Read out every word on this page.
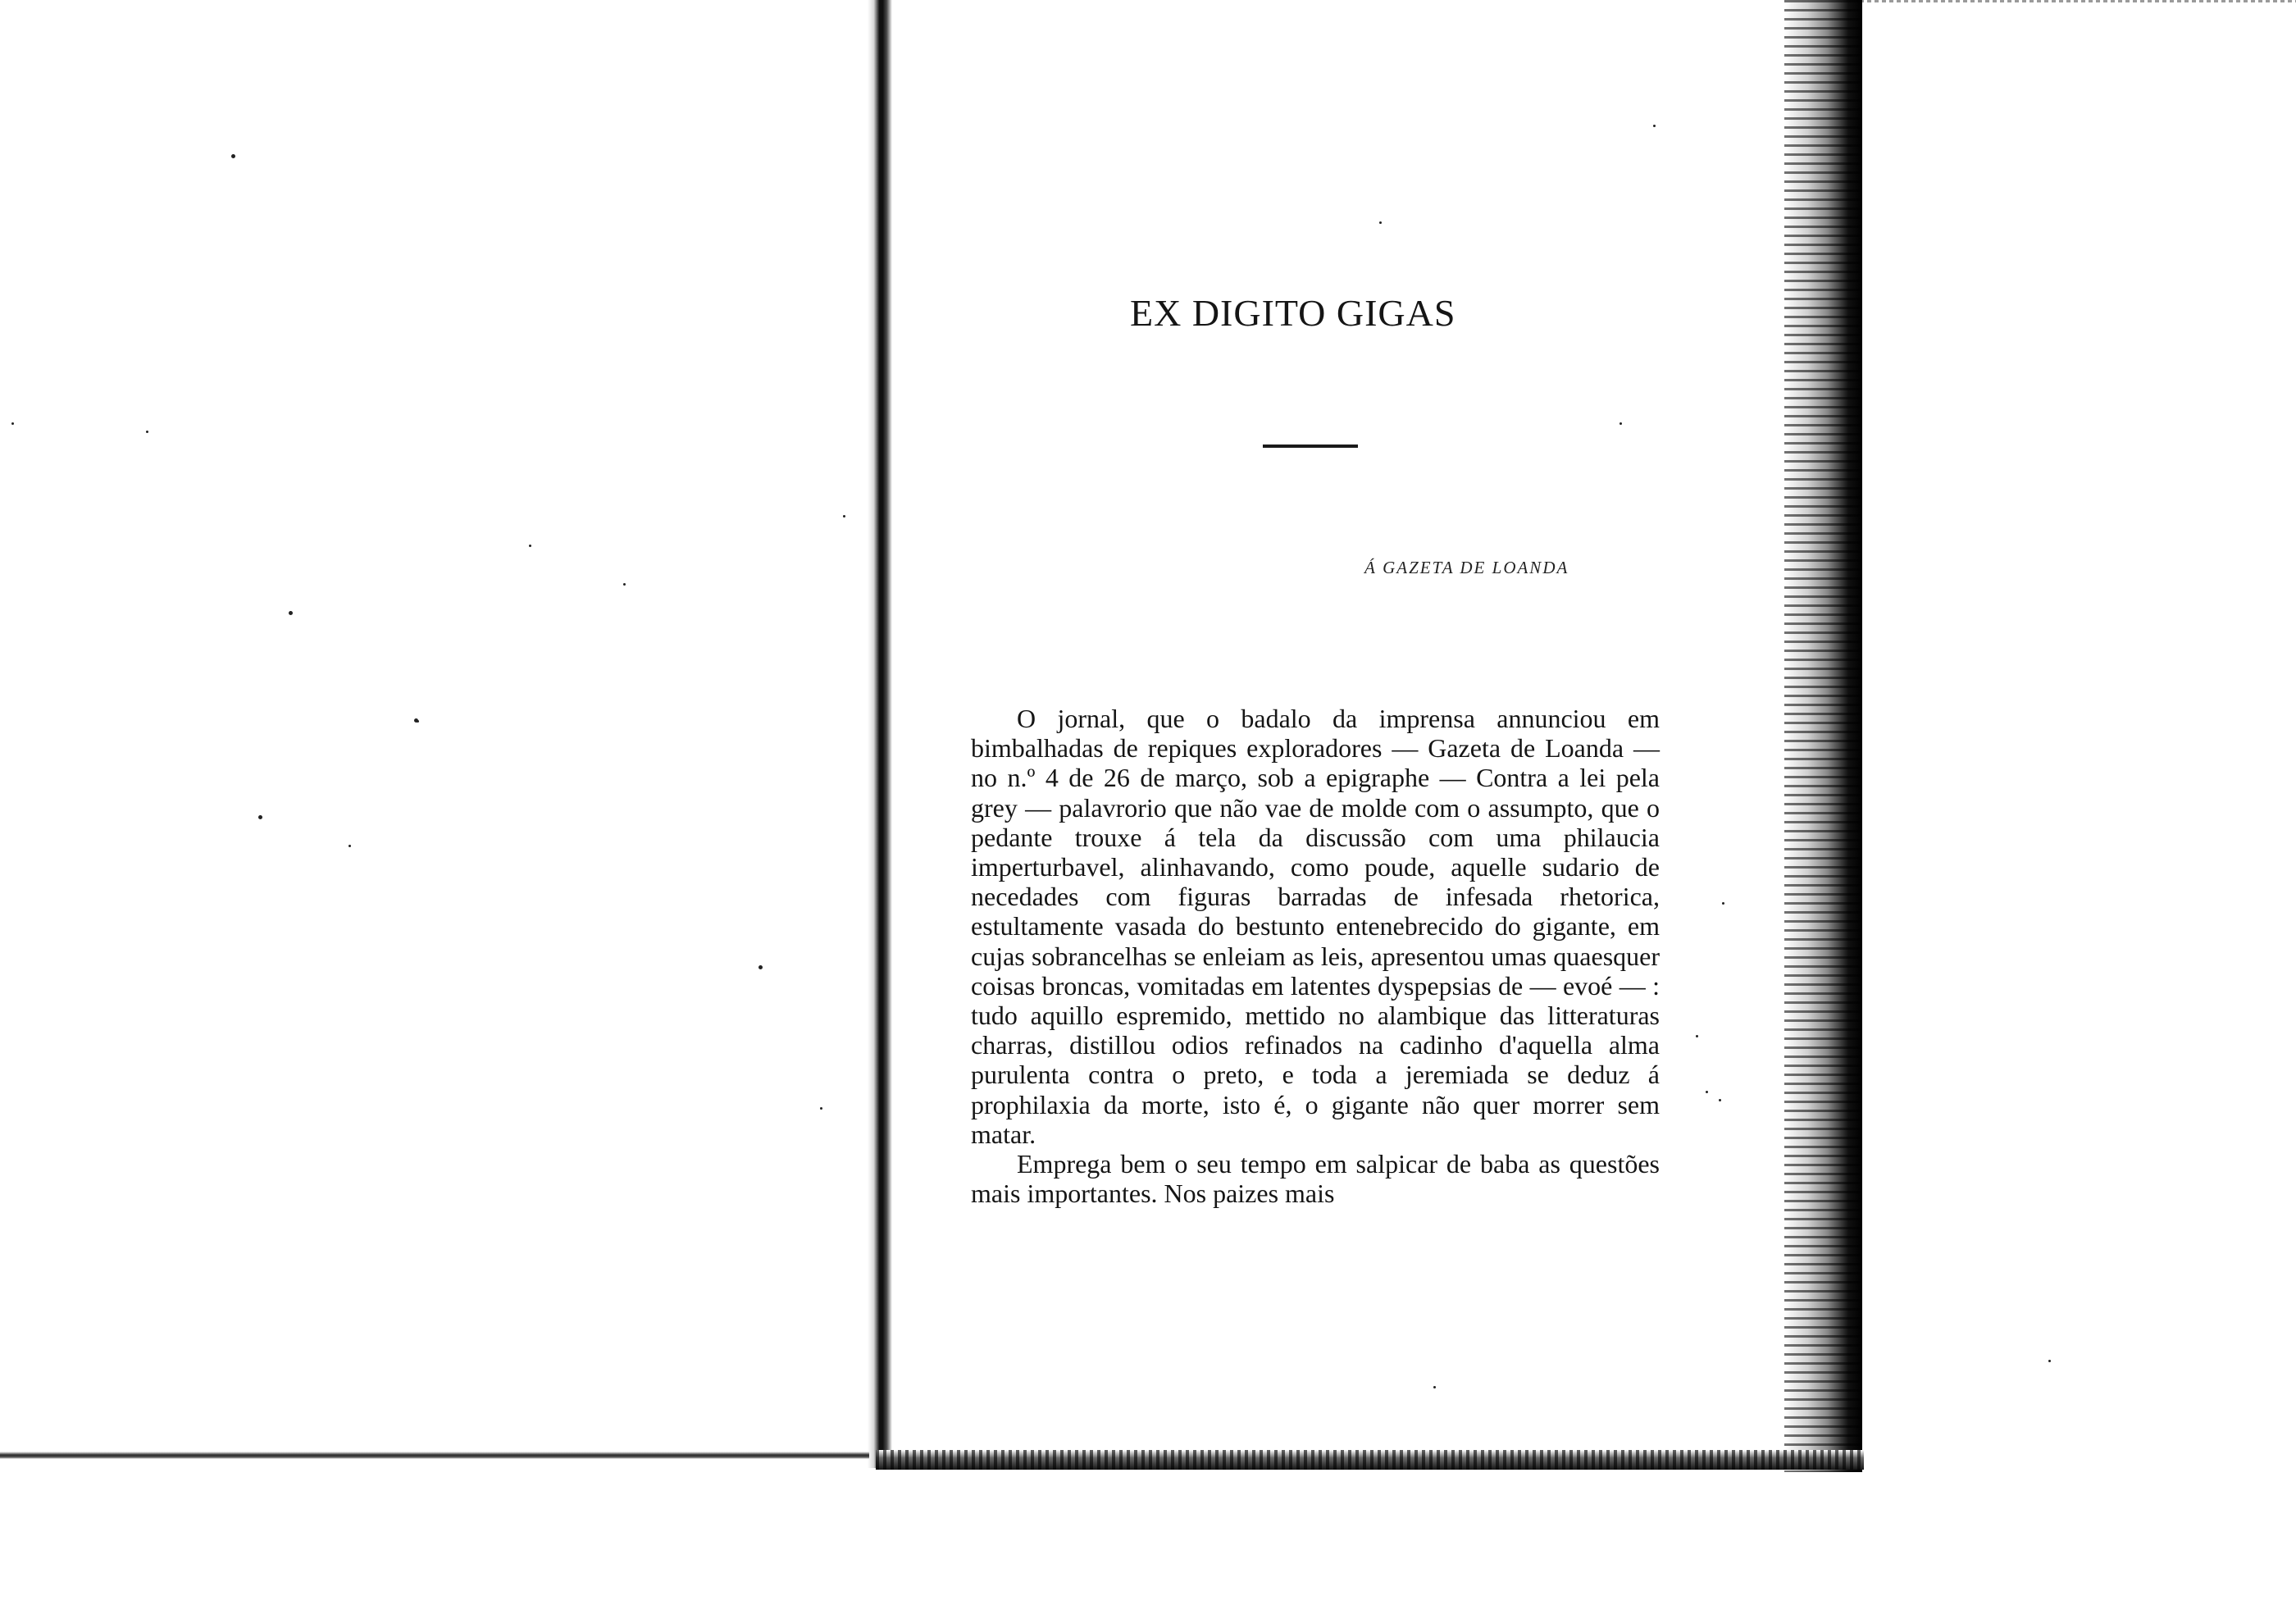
EX DIGITO GIGAS

Á GAZETA DE LOANDA

O jornal, que o badalo da imprensa annunciou em bimbalhadas de repiques exploradores — Gazeta de Loanda — no n.º 4 de 26 de março, sob a epigraphe — Contra a lei pela grey — palavrorio que não vae de molde com o assumpto, que o pedante trouxe á tela da discussão com uma philaucia imperturbavel, alinhavando, como poude, aquelle sudario de necedades com figuras barradas de infesada rhetorica, estultamente vasada do bestunto entenebrecido do gigante, em cujas sobrancelhas se enleiam as leis, apresentou umas quaesquer coisas broncas, vomitadas em latentes dyspepsias de — evoé — : tudo aquillo espremido, mettido no alambique das litteraturas charras, distillou odios refinados na cadinho d'aquella alma purulenta contra o preto, e toda a jeremiada se deduz á prophilaxia da morte, isto é, o gigante não quer morrer sem matar.

Emprega bem o seu tempo em salpicar de baba as questões mais importantes. Nos paizes mais
